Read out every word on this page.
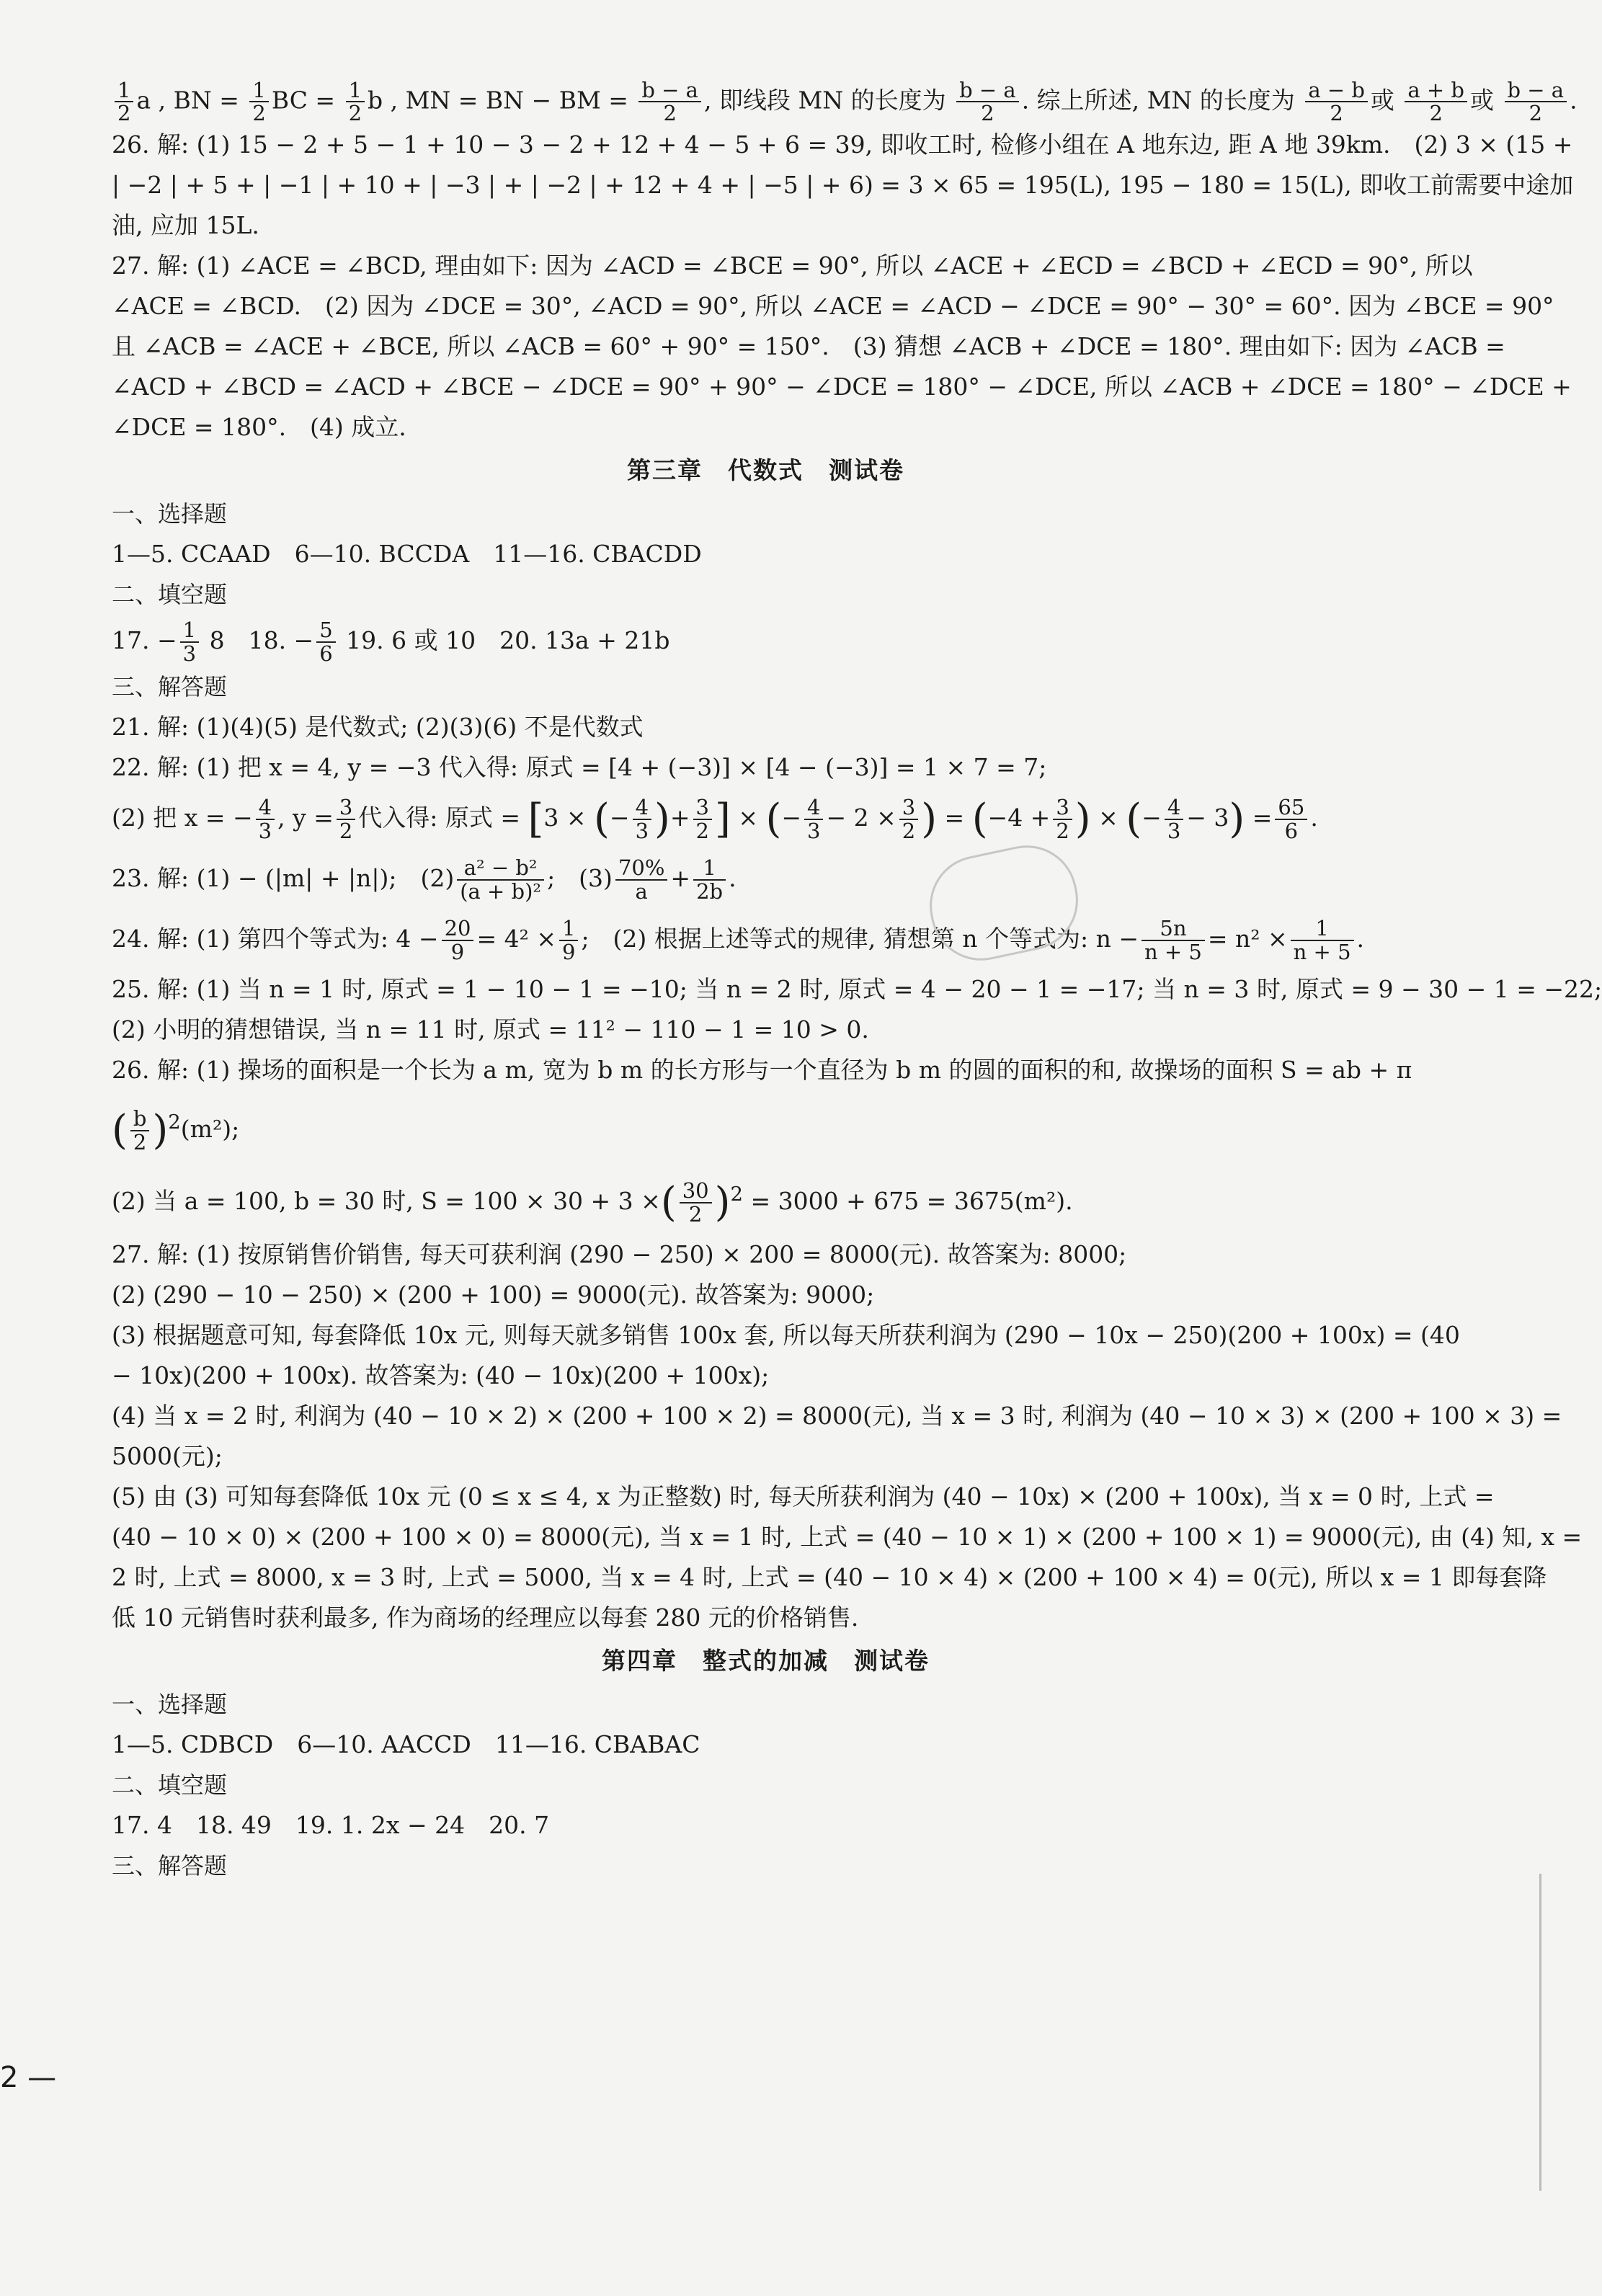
$\frac{1}{2}$ a , BN = $\frac{1}{2}$ BC = $\frac{1}{2}$ b , MN = BN − BM = $\frac{b - a}{2}$ , 即线段 MN 的长度为 $\frac{b - a}{2}$ . 综上所述, MN 的长度为 $\frac{a - b}{2}$ 或 $\frac{a + b}{2}$ 或 $\frac{b - a}{2}$ .
26. 解: (1) 15 − 2 + 5 − 1 + 10 − 3 − 2 + 12 + 4 − 5 + 6 = 39, 即收工时, 检修小组在 A 地东边, 距 A 地 39km.　(2) 3 × (15 +
| −2 | + 5 + | −1 | + 10 + | −3 | + | −2 | + 12 + 4 + | −5 | + 6) = 3 × 65 = 195(L), 195 − 180 = 15(L), 即收工前需要中途加
油, 应加 15L.
27. 解: (1) ∠ACE = ∠BCD, 理由如下: 因为 ∠ACD = ∠BCE = 90°, 所以 ∠ACE + ∠ECD = ∠BCD + ∠ECD = 90°, 所以
∠ACE = ∠BCD.　(2) 因为 ∠DCE = 30°, ∠ACD = 90°, 所以 ∠ACE = ∠ACD − ∠DCE = 90° − 30° = 60°. 因为 ∠BCE = 90°
且 ∠ACB = ∠ACE + ∠BCE, 所以 ∠ACB = 60° + 90° = 150°.　(3) 猜想 ∠ACB + ∠DCE = 180°. 理由如下: 因为 ∠ACB =
∠ACD + ∠BCD = ∠ACD + ∠BCE − ∠DCE = 90° + 90° − ∠DCE = 180° − ∠DCE, 所以 ∠ACB + ∠DCE = 180° − ∠DCE +
∠DCE = 180°.　(4) 成立.
第三章　代数式　测试卷
一、选择题
1—5. CCAAD　6—10. BCCDA　11—16. CBACDD
二、填空题
17. − $\frac{1}{3} 8$　18. − $\frac{5}{6} 19$. 6 或 10　20. 13a + 21b
三、解答题
21. 解: (1)(4)(5) 是代数式; (2)(3)(6) 不是代数式
22. 解: (1) 把 x = 4, y = −3 代入得: 原式 = [4 + (−3)] × [4 − (−3)] = 1 × 7 = 7;
(2) 把 x = − $\frac{4}{3}$ , $y = \frac{3}{2}$ 代入得: 原式 = [3 × (− $\frac{4}{3}$ )+ $\frac{3}{2}$ ] × (− $\frac{4}{3} - 2 \times \frac{3}{2}$ ) = ($-4 + \frac{3}{2}$ ) × (− $\frac{4}{3} - 3) = \frac{65}{6}$ .
23. 解: (1) − (|m| + |n|);　$(2) \frac{\text{a² − b²}}{\text{(a + b)²}}$ ;　$(3) \frac{70\%}{a} + \frac{1}{2b}$ .
24. 解: (1) 第四个等式为: $4 - \frac{20}{9} = 4^2 \times \frac{1}{9}$ ;　(2) 根据上述等式的规律, 猜想第 n 个等式为: $n - \frac{5n}{n + 5} = n^2 \times \frac{1}{n + 5}$ .
25. 解: (1) 当 n = 1 时, 原式 = 1 − 10 − 1 = −10; 当 n = 2 时, 原式 = 4 − 20 − 1 = −17; 当 n = 3 时, 原式 = 9 − 30 − 1 = −22;
(2) 小明的猜想错误, 当 n = 11 时, 原式 = 11² − 110 − 1 = 10 > 0.
26. 解: (1) 操场的面积是一个长为 a m, 宽为 b m 的长方形与一个直径为 b m 的圆的面积的和, 故操场的面积 S = ab + π
( $\frac{b}{2} )^2(m^2)$;
(2) 当 a = 100, b = 30 时, S = 100 × 30 + 3 ×( $\frac{30}{2} )^2 = 3000 + 675 = 3675(m^2)$.
27. 解: (1) 按原销售价销售, 每天可获利润 (290 − 250) × 200 = 8000(元). 故答案为: 8000;
(2) (290 − 10 − 250) × (200 + 100) = 9000(元). 故答案为: 9000;
(3) 根据题意可知, 每套降低 10x 元, 则每天就多销售 100x 套, 所以每天所获利润为 (290 − 10x − 250)(200 + 100x) = (40
− 10x)(200 + 100x). 故答案为: (40 − 10x)(200 + 100x);
(4) 当 x = 2 时, 利润为 (40 − 10 × 2) × (200 + 100 × 2) = 8000(元), 当 x = 3 时, 利润为 (40 − 10 × 3) × (200 + 100 × 3) =
5000(元);
(5) 由 (3) 可知每套降低 10x 元 (0 ≤ x ≤ 4, x 为正整数) 时, 每天所获利润为 (40 − 10x) × (200 + 100x), 当 x = 0 时, 上式 =
(40 − 10 × 0) × (200 + 100 × 0) = 8000(元), 当 x = 1 时, 上式 = (40 − 10 × 1) × (200 + 100 × 1) = 9000(元), 由 (4) 知, x =
2 时, 上式 = 8000, x = 3 时, 上式 = 5000, 当 x = 4 时, 上式 = (40 − 10 × 4) × (200 + 100 × 4) = 0(元), 所以 x = 1 即每套降
低 10 元销售时获利最多, 作为商场的经理应以每套 280 元的价格销售.
第四章　整式的加减　测试卷
一、选择题
1—5. CDBCD　6—10. AACCD　11—16. CBABAC
二、填空题
17. 4　18. 49　19. 1. 2x − 24　20. 7
三、解答题
2 —
